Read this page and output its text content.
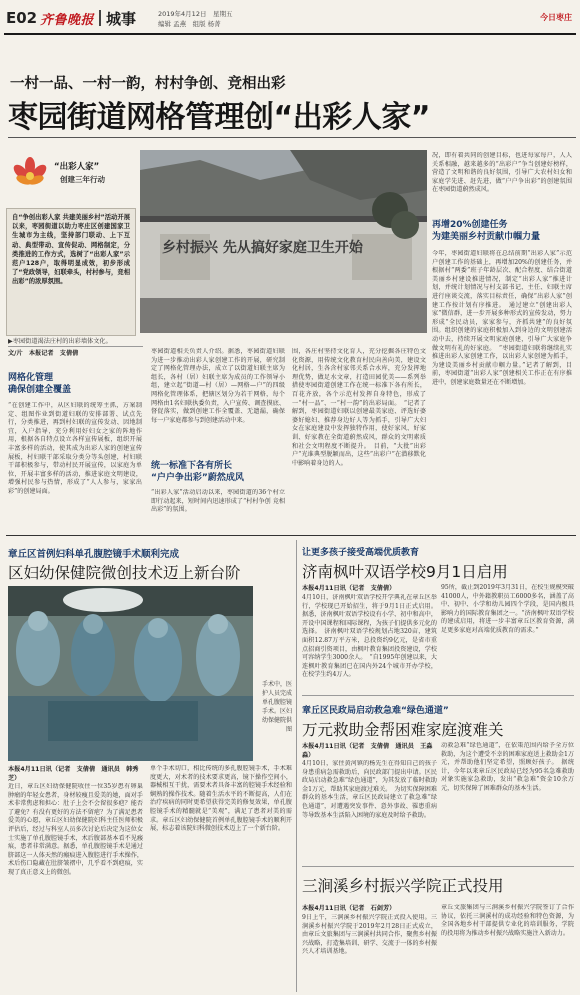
E02 齐鲁晚报 城事	2019年4月12日　星期五
编辑 孟燕　组版 杨菁
今日枣庄
一村一品、一村一韵，村村争创、竞相出彩
枣园街道网格管理创“出彩人家”
“出彩人家”
创建三年行动
自“争创出彩人家 共建美丽乡村”活动开展以来，枣园街道以助力枣庄区创建国家卫生城市为主线，坚持部门联动、上下互动、典型带动、宣传促动、网格制定，分类推进的工作方式，选树了“出彩人家”示范户128户，取得明显成效，初步形成了“党政领导，妇联牵头，村村参与，竞相出彩”的浓厚氛围。
乡村振兴 先从搞好家庭卫生开始
▶枣园街道渴法庄村的出彩墙体文化。
文/片　本报记者　支倩倩
网格化管理
确保创建全覆盖
“在创建工作中，从区妇联的统筹主抓，方案制定、组图作业到街道妇联的安排部署、试点先行，分类推进，再到村妇联的宣传发动、因地制宜，入户指导，充分利用好妇女之家的阵地作用，根据各自特点设立各样宣传展板，组织开展丰富多样的活动，使其成为出彩人家的创建宣传展板，村妇联干部采取分类分等头创建，村妇联干部积极参与，带动村民开展宣传，以家庭为单位，开展丰富多样的活动，推进家庭文明建设，增强村民参与热情，形成了“人人参与，家家出彩”的创建局面。
枣园街道相关负责人介绍。据悉，枣园街道妇联为进一步推动出彩人家创建工作的开展，研究制定了网格化管理办法，成立了以街道妇联主席为组长，各村（居）妇联主席为成员的工作领导小组，建立起“街道—村（居）—网格—户”的四级网格化管理体系，把辖区划分为若干网格，每个网格由1名妇联执委负责，入户宣传、调查摸底、督促落实，做到创建工作全覆盖、无遗漏，确保每一户家庭都参与到创建活动中来。
统一标准下各有所长
“户户争出彩”蔚然成风
“出彩人家”活动启动以来，枣园街道的36个村立即行动起来，短时间内迅速形成了“村村争创 竞相出彩”的氛围。
围，各庄村坚持文化育人，充分挖掘各庄特色文化资源，用传统文化教育村民向善向美，建设文化村居，生各含村家邻关系合水库，充分发挥地理优势，做足水文章，打造田园优美——系列举措使枣园街道创建工作在统一标准下各有所长，百花齐放，各个示范村发挥自身特色，形成了一“村一品”、一“村一韵”的出彩局面。　“记者了解到，枣园街道妇联以创建最美家庭、评选好婆婆好媳妇、推荐身边好人等为抓手，引导广大妇女在家庭建设中发挥独特作用，使好家风、好家训、好家教在全街道蔚然成风，群众的文明素质和社会文明程度不断提升。　目前，“大批”出彩户“光谁典型脱颖而出，这些“出彩户”在潜移默化中影响着身边的人。
况，即有着共同的创建目标，也进每家每户，人人关系相融，越来越多的“出彩户”争当创建好榜样，营造了文明和谐的良好氛围，引导广大农村妇女和家庭学先进、赶先进，做“户户争出彩”的创建氛围在枣园街道蔚然成风。
再增20%创建任务
为建美丽乡村贡献巾帼力量
今年，枣园街道妇联将在总结前期“出彩人家”示范户创建工作的基础上，再增加20%的创建任务，并根据村“两委”班子年龄层次、配合程度、结合街道美丽乡村建设推进情况，制定“出彩人家”推进计划，并统计划情况与村支部书记、主任、妇联主席进行座谈交流，落实目标责任，确保“出彩人家”创建工作按计划有序推进。　通过建立“创建出彩人家”微信群，进一步开展多种形式的宣传发动，努力形成“全民动员，家家参与，齐抓共建”的良好氛围。组织创建的家庭积极加入到身边的文明创建活动中去，持续开展文明家庭创建，引导广大家庭争做文明有礼的好家庭。　“枣园街道妇联将继续扎实推进出彩人家创建工作，以出彩人家创建为抓手，为建设美丽乡村贡献巾帼力量。”记者了解到，目前，枣园街道“出彩人家”创建相关工作正在有序推进中，创建家庭数量还在不断增加。
章丘区首例妇科单孔腹腔镜手术顺利完成
区妇幼保健院微创技术迈上新台阶
手术中，医护人员完成单孔腹腔镜手术。区妇幼保健院供图
本报4月11日讯（记者　支倩倩　通讯员　韩秀芝）
近日，章丘区妇幼保健院收住一位35岁患有卵巢肿瘤的年轻女患者，身材较瘦且爱美的她，面对手术非常焦虑和担心：肚子上会不会留很多疤？能否了避免？有没有更好的方法不留疤？为了满足患者爱美的心愿，章丘区妇幼保健院妇科主任医师积极评估后，经过与科室人员多次讨论后决定为这位女士实施了单孔腹腔镜手术，术后腹部基本看不见瘢痕，患者非常满意。据悉，单孔腹腔镜手术是通过脐部这一人体天然的瘢痕进入腹腔进行手术操作，术后伤口隐藏在肚脐皱褶中，几乎看不到疤痕，实现了真正意义上的微创。
单个手术切口，相比传统的多孔腹腔镜手术，手术难度更大，对术者的技术要求更高，镜下操作空间小，器械相互干扰，需要术者具备丰富的腔镜手术经验和娴熟的操作技术。随着生活水平的不断提高，人们在治疗疾病的同时更希望获得完美的修复效果，单孔腹腔镜手术的精髓就是“美观”，满足了患者对美的需求。章丘区妇幼保健院首例单孔腹腔镜手术的顺利开展，标志着该院妇科微创技术迈上了一个新台阶。
让更多孩子接受高端优质教育
济南枫叶双语学校9月1日启用
本报4月11日讯（记者　支倩倩）
4月10日，济南枫叶双语学校开学典礼在章丘区举行，学校现已开始招生，将于9月1日正式启用。据悉，济南枫叶双语学校设有小学、初中和高中，开设中国课程和国际课程，为孩子们提供多元化的选择。　济南枫叶双语学校规划占地320亩，建筑面积12.87万平方米，总投资约9亿元，是省市重点招商引资项目，由枫叶教育集团投资建设，学校可容纳学生3000余人。　“自1995年创建以来，大连枫叶教育集团已在国内外24个城市开办学校，在校学生约4万人。
95所，截止到2019年3月31日，在校生规模突破41000人，中外籍教职员工6000多名，涵盖了高中、初中、小学和幼儿园四个学段，是国内极具影响力的国际教育集团之一。“济南枫叶双语学校的建成启用，将进一步丰富章丘区教育资源，满足更多家庭对高端优质教育的需求。”
章丘区民政局启动救急难“绿色通道”
万元救助金帮困难家庭渡难关
本报4月11日讯（记者　支倩倩　通讯员　王淼淼）
4月10日，家住黄河镇的杨先生在得知自己的孩子身患重病急需救助后，向民政部门提出申请。区民政局启动救急难“绿色通道”，为其发放了临时救助金1万元，帮助其家庭渡过难关。　为切实保障困难群众的基本生活，章丘区民政局建立了救急难“绿色通道”，对遭遇突发事件、意外事故、罹患重病等导致基本生活陷入困境的家庭及时给予救助。
动救急难“绿色通道”，在依策范围内给予全方位救助，为这个遭受不幸的困难家庭送上救助金1万元，并帮助他们坚定希望，照顾好孩子。　据统计，今年以来章丘区民政局已经为95名急难救助对象实施家急救助，发出“救急难”资金10余万元，切实保障了困难群众的基本生活。
三涧溪乡村振兴学院正式投用
本报4月11日讯（记者　石剑芳）
9日上午，三涧溪乡村振兴学院正式投入使用。三涧溪乡村振兴学院于2019年2月28日正式成立，由章丘文旅集团与三涧溪村共同合作，聚焦乡村振兴战略，打造集培训、研学、交流于一体的乡村振兴人才培训基地。
章丘文旅集团与三涧溪乡村振兴学院签订了合作协议，依托三涧溪村的成功经验和特色资源，为全国各地乡村干部提供专业化的培训服务，学院的投用将为推动乡村振兴战略实施注入新动力。
